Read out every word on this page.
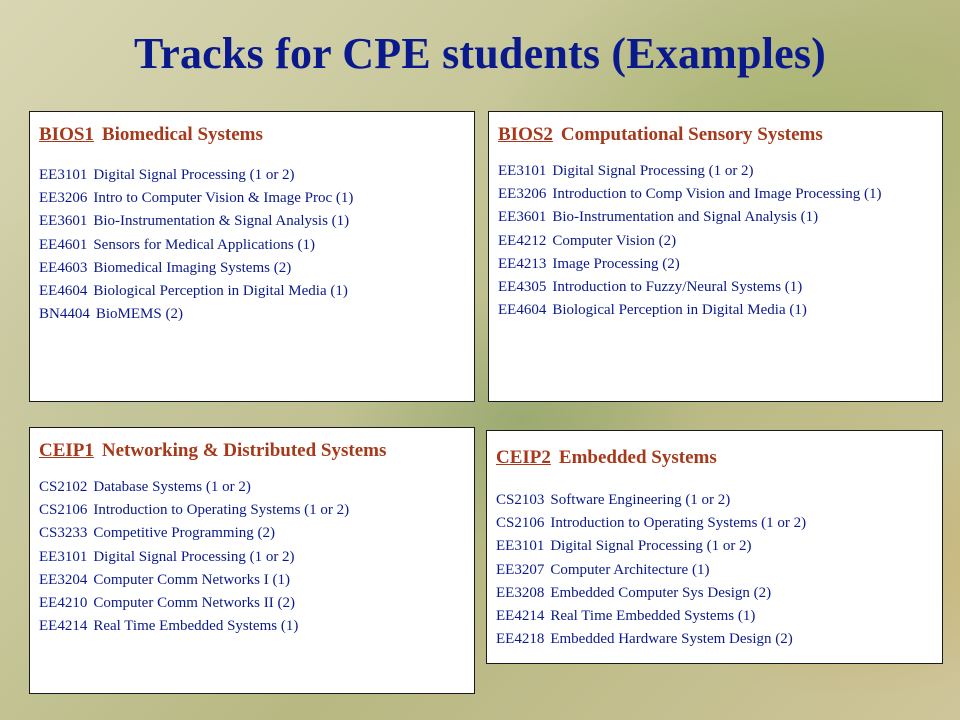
Tracks for CPE students (Examples)
BIOS1 Biomedical Systems
EE3101 Digital Signal Processing (1 or 2)
EE3206 Intro to Computer Vision & Image Proc (1)
EE3601 Bio-Instrumentation & Signal Analysis (1)
EE4601 Sensors for Medical Applications (1)
EE4603 Biomedical Imaging Systems (2)
EE4604 Biological Perception in Digital Media (1)
BN4404 BioMEMS (2)
BIOS2 Computational Sensory Systems
EE3101 Digital Signal Processing (1 or 2)
EE3206 Introduction to Comp Vision and Image Processing (1)
EE3601 Bio-Instrumentation and Signal Analysis (1)
EE4212 Computer Vision (2)
EE4213 Image Processing (2)
EE4305 Introduction to Fuzzy/Neural Systems (1)
EE4604 Biological Perception in Digital Media (1)
CEIP1 Networking & Distributed Systems
CS2102 Database Systems (1 or 2)
CS2106 Introduction to Operating Systems (1 or 2)
CS3233 Competitive Programming (2)
EE3101 Digital Signal Processing (1 or 2)
EE3204 Computer Comm Networks I (1)
EE4210 Computer Comm Networks II (2)
EE4214 Real Time Embedded Systems (1)
CEIP2 Embedded Systems
CS2103 Software Engineering (1 or 2)
CS2106 Introduction to Operating Systems (1 or 2)
EE3101 Digital Signal Processing (1 or 2)
EE3207 Computer Architecture (1)
EE3208 Embedded Computer Sys Design (2)
EE4214 Real Time Embedded Systems (1)
EE4218 Embedded Hardware System Design (2)
